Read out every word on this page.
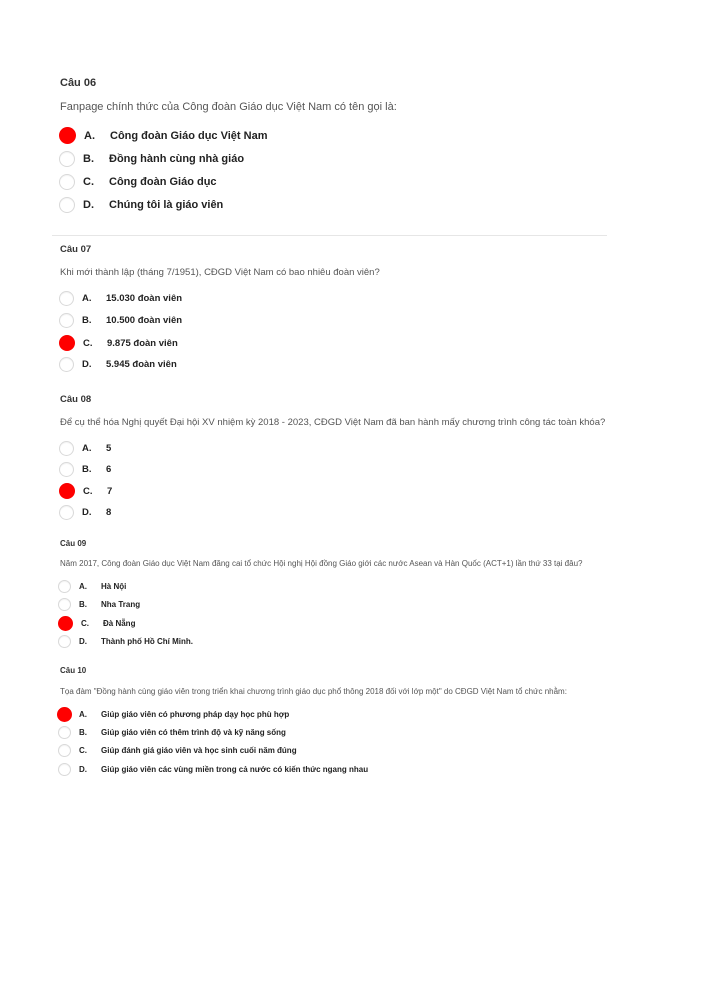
Câu 06
Fanpage chính thức của Công đoàn Giáo dục Việt Nam có tên gọi là:
A.	Công đoàn Giáo dục Việt Nam
B.	Đồng hành cùng nhà giáo
C.	Công đoàn Giáo dục
D.	Chúng tôi là giáo viên
Câu 07
Khi mới thành lập (tháng 7/1951), CĐGD Việt Nam có bao nhiêu đoàn viên?
A.	15.030 đoàn viên
B.	10.500 đoàn viên
C.	9.875 đoàn viên
D.	5.945 đoàn viên
Câu 08
Để cụ thể hóa Nghị quyết Đại hội XV nhiệm kỳ 2018 - 2023, CĐGD Việt Nam đã ban hành mấy chương trình công tác toàn khóa?
A.	5
B.	6
C.	7
D.	8
Câu 09
Năm 2017, Công đoàn Giáo dục Việt Nam đăng cai tổ chức Hội nghị Hội đồng Giáo giới các nước Asean và Hàn Quốc (ACT+1) lần thứ 33 tại đâu?
A.	Hà Nội
B.	Nha Trang
C.	Đà Nẵng
D.	Thành phố Hồ Chí Minh.
Câu 10
Tọa đàm "Đồng hành cùng giáo viên trong triển khai chương trình giáo dục phổ thông 2018 đối với lớp một" do CĐGD Việt Nam tổ chức nhằm:
A.	Giúp giáo viên có phương pháp dạy học phù hợp
B.	Giúp giáo viên có thêm trình độ và kỹ năng sống
C.	Giúp đánh giá giáo viên và học sinh cuối năm đúng
D.	Giúp giáo viên các vùng miền trong cả nước có kiến thức ngang nhau
